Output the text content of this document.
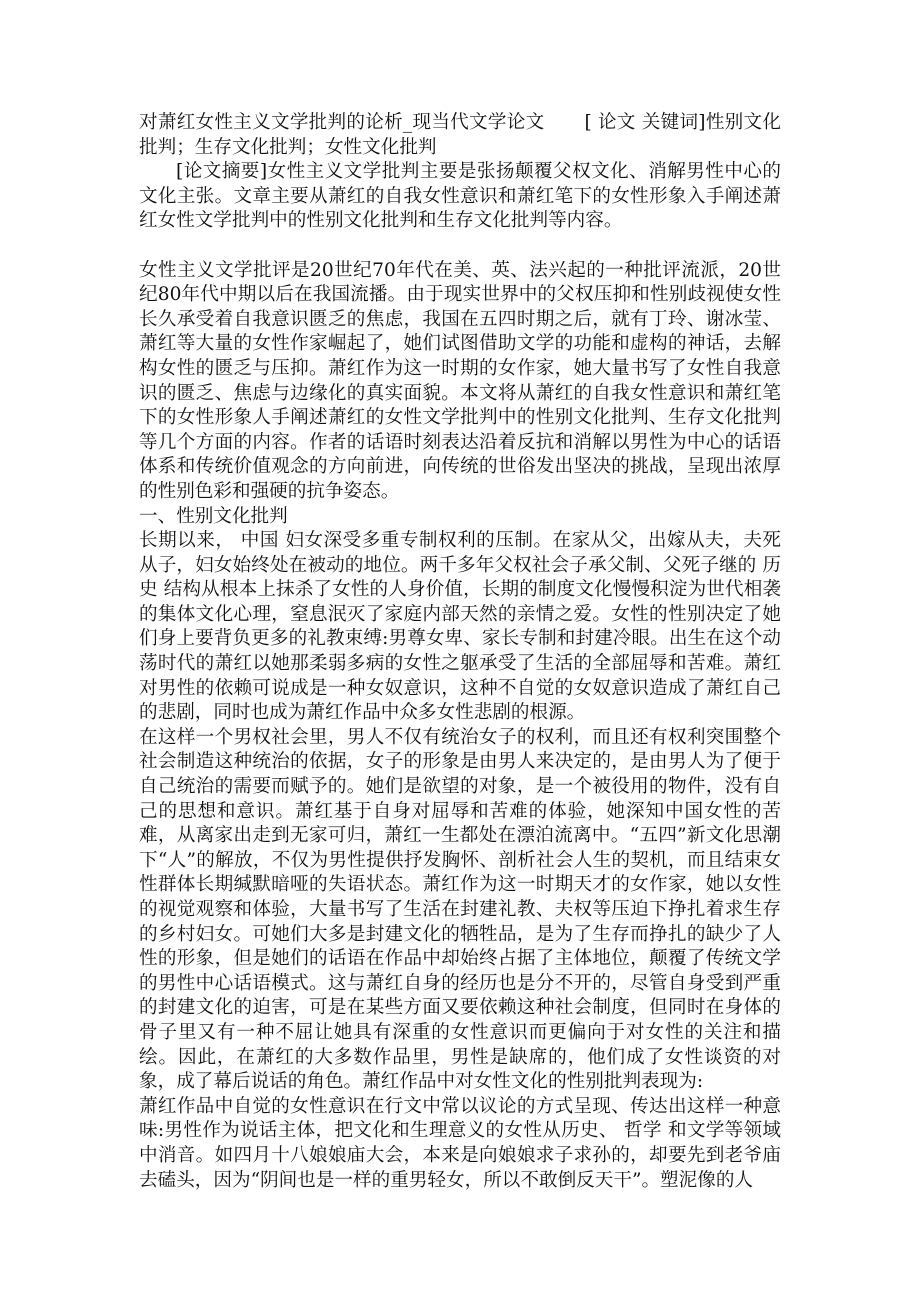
对萧红女性主义文学批判的论析_现当代文学论文 [ 论文 关键词]性别文化批判；生存文化批判；女性文化批判

[论文摘要]女性主义文学批判主要是张扬颠覆父权文化、消解男性中心的文化主张。文章主要从萧红的自我女性意识和萧红笔下的女性形象入手阐述萧红女性文学批判中的性别文化批判和生存文化批判等内容。

女性主义文学批评是20世纪70年代在美、英、法兴起的一种批评流派，20世纪80年代中期以后在我国流播。由于现实世界中的父权压抑和性别歧视使女性长久承受着自我意识匮乏的焦虑，我国在五四时期之后，就有丁玲、谢冰莹、萧红等大量的女性作家崛起了，她们试图借助文学的功能和虚构的神话，去解构女性的匮乏与压抑。萧红作为这一时期的女作家，她大量书写了女性自我意识的匮乏、焦虑与边缘化的真实面貌。本文将从萧红的自我女性意识和萧红笔下的女性形象人手阐述萧红的女性文学批判中的性别文化批判、生存文化批判等几个方面的内容。作者的话语时刻表达沿着反抗和消解以男性为中心的话语体系和传统价值观念的方向前进，向传统的世俗发出坚决的挑战，呈现出浓厚的性别色彩和强硬的抗争姿态。

一、性别文化批判

长期以来， 中国 妇女深受多重专制权利的压制。在家从父，出嫁从夫，夫死从子，妇女始终处在被动的地位。两千多年父权社会子承父制、父死子继的 历史 结构从根本上抹杀了女性的人身价值，长期的制度文化慢慢积淀为世代相袭的集体文化心理，窒息泯灭了家庭内部天然的亲情之爱。女性的性别决定了她们身上要背负更多的礼教束缚:男尊女卑、家长专制和封建冷眼。出生在这个动荡时代的萧红以她那柔弱多病的女性之躯承受了生活的全部屈辱和苦难。萧红对男性的依赖可说成是一种女奴意识，这种不自觉的女奴意识造成了萧红自己的悲剧，同时也成为萧红作品中众多女性悲剧的根源。

在这样一个男权社会里，男人不仅有统治女子的权利，而且还有权利突围整个社会制造这种统治的依据，女子的形象是由男人来决定的，是由男人为了便于自己统治的需要而赋予的。她们是欲望的对象，是一个被役用的物件，没有自己的思想和意识。萧红基于自身对屈辱和苦难的体验，她深知中国女性的苦难，从离家出走到无家可归，萧红一生都处在漂泊流离中。“五四”新文化思潮下“人”的解放，不仅为男性提供抒发胸怀、剖析社会人生的契机，而且结束女性群体长期缄默暗哑的失语状态。萧红作为这一时期天才的女作家，她以女性的视觉观察和体验，大量书写了生活在封建礼教、夫权等压迫下挣扎着求生存的乡村妇女。可她们大多是封建文化的牺牲品，是为了生存而挣扎的缺少了人性的形象，但是她们的话语在作品中却始终占据了主体地位，颠覆了传统文学的男性中心话语模式。这与萧红自身的经历也是分不开的，尽管自身受到严重的封建文化的迫害，可是在某些方面又要依赖这种社会制度，但同时在身体的骨子里又有一种不屈让她具有深重的女性意识而更偏向于对女性的关注和描绘。因此，在萧红的大多数作品里，男性是缺席的，他们成了女性谈资的对象，成了幕后说话的角色。萧红作品中对女性文化的性别批判表现为:

萧红作品中自觉的女性意识在行文中常以议论的方式呈现、传达出这样一种意味:男性作为说话主体，把文化和生理意义的女性从历史、 哲学 和文学等领域中消音。如四月十八娘娘庙大会，本来是向娘娘求子求孙的，却要先到老爷庙去磕头，因为“阴间也是一样的重男轻女，所以不敢倒反天干”。塑泥像的人
